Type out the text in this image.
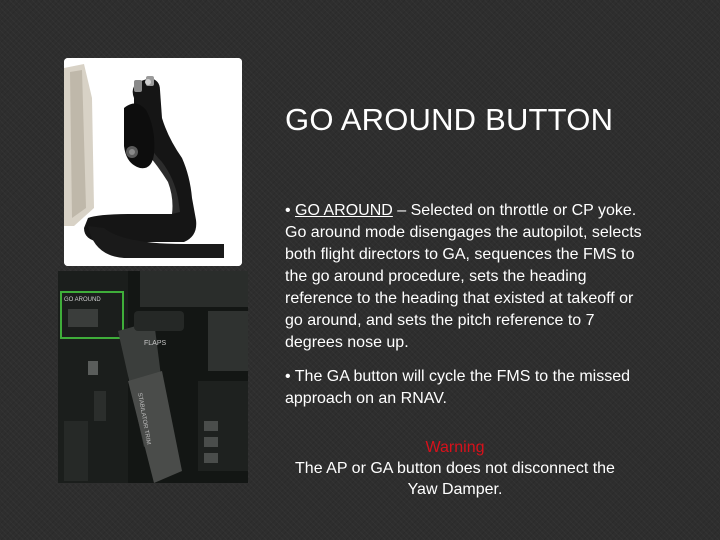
GO AROUND
FLAPS
STABILATOR TRIM
GO AROUND BUTTON

• GO AROUND – Selected on throttle or CP yoke. Go around mode disengages the autopilot, selects both flight directors to GA, sequences the FMS to the go around procedure, sets the heading reference to the heading that existed at takeoff or go around, and sets the pitch reference to 7 degrees nose up.

• The GA button will cycle the FMS to the missed approach on an RNAV.

Warning
The AP or GA button does not disconnect the Yaw Damper.
